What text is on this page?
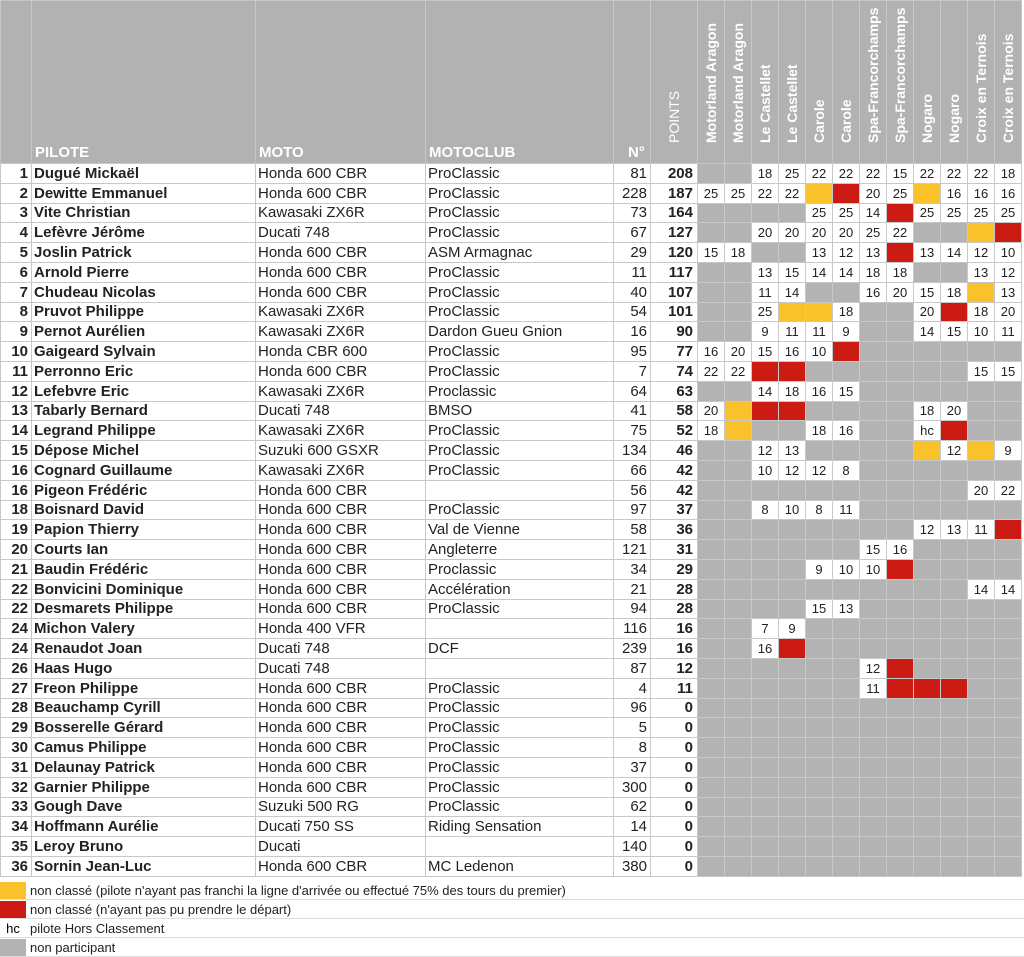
	PILOTE	MOTO	MOTOCLUB	N°	POINTS	Motorland Aragon	Motorland Aragon	Le Castellet	Le Castellet	Carole	Carole	Spa-Francorchamps	Spa-Francorchamps	Nogaro	Nogaro	Croix en Ternois	Croix en Ternois

1	Dugué Mickaël	Honda 600 CBR	ProClassic	81	208			18	25	22	22	22	15	22	22	22	18
2	Dewitte Emmanuel	Honda 600 CBR	ProClassic	228	187	25	25	22	22			20	25		16	16	16
3	Vite Christian	Kawasaki ZX6R	ProClassic	73	164					25	25	14		25	25	25	25
4	Lefèvre Jérôme	Ducati 748	ProClassic	67	127			20	20	20	20	25	22				
5	Joslin Patrick	Honda 600 CBR	ASM Armagnac	29	120	15	18			13	12	13		13	14	12	10
6	Arnold Pierre	Honda 600 CBR	ProClassic	11	117			13	15	14	14	18	18			13	12
7	Chudeau Nicolas	Honda 600 CBR	ProClassic	40	107			11	14			16	20	15	18		13
8	Pruvot Philippe	Kawasaki ZX6R	ProClassic	54	101			25			18			20		18	20
9	Pernot Aurélien	Kawasaki ZX6R	Dardon Gueu Gnion	16	90			9	11	11	9			14	15	10	11
10	Gaigeard Sylvain	Honda CBR 600	ProClassic	95	77	16	20	15	16	10							
11	Perronno Eric	Honda 600 CBR	ProClassic	7	74	22	22									15	15
12	Lefebvre Eric	Kawasaki ZX6R	Proclassic	64	63			14	18	16	15						
13	Tabarly Bernard	Ducati 748	BMSO	41	58	20								18	20		
14	Legrand Philippe	Kawasaki ZX6R	ProClassic	75	52	18				18	16			hc			
15	Dépose Michel	Suzuki 600 GSXR	ProClassic	134	46			12	13						12		9
16	Cognard Guillaume	Kawasaki ZX6R	ProClassic	66	42			10	12	12	8						
16	Pigeon Frédéric	Honda 600 CBR		56	42											20	22
18	Boisnard David	Honda 600 CBR	ProClassic	97	37			8	10	8	11						
19	Papion Thierry	Honda 600 CBR	Val de Vienne	58	36									12	13	11	
20	Courts Ian	Honda 600 CBR	Angleterre	121	31							15	16				
21	Baudin Frédéric	Honda 600 CBR	Proclassic	34	29					9	10	10					
22	Bonvicini Dominique	Honda 600 CBR	Accélération	21	28											14	14
22	Desmarets Philippe	Honda 600 CBR	ProClassic	94	28					15	13						
24	Michon Valery	Honda 400 VFR		116	16			7	9								
24	Renaudot Joan	Ducati 748	DCF	239	16			16									
26	Haas Hugo	Ducati 748		87	12							12					
27	Freon Philippe	Honda 600 CBR	ProClassic	4	11							11					
28	Beauchamp Cyrill	Honda 600 CBR	ProClassic	96	0												
29	Bosserelle Gérard	Honda 600 CBR	ProClassic	5	0												
30	Camus Philippe	Honda 600 CBR	ProClassic	8	0												
31	Delaunay Patrick	Honda 600 CBR	ProClassic	37	0												
32	Garnier Philippe	Honda 600 CBR	ProClassic	300	0												
33	Gough Dave	Suzuki 500 RG	ProClassic	62	0												
34	Hoffmann Aurélie	Ducati 750 SS	Riding Sensation	14	0												
35	Leroy Bruno	Ducati		140	0												
36	Sornin Jean-Luc	Honda 600 CBR	MC Ledenon	380	0												
non classé (pilote n'ayant pas franchi la ligne d'arrivée ou effectué 75% des tours du premier)
non classé (n'ayant pas pu prendre le départ)
hc pilote Hors Classement
non participant
